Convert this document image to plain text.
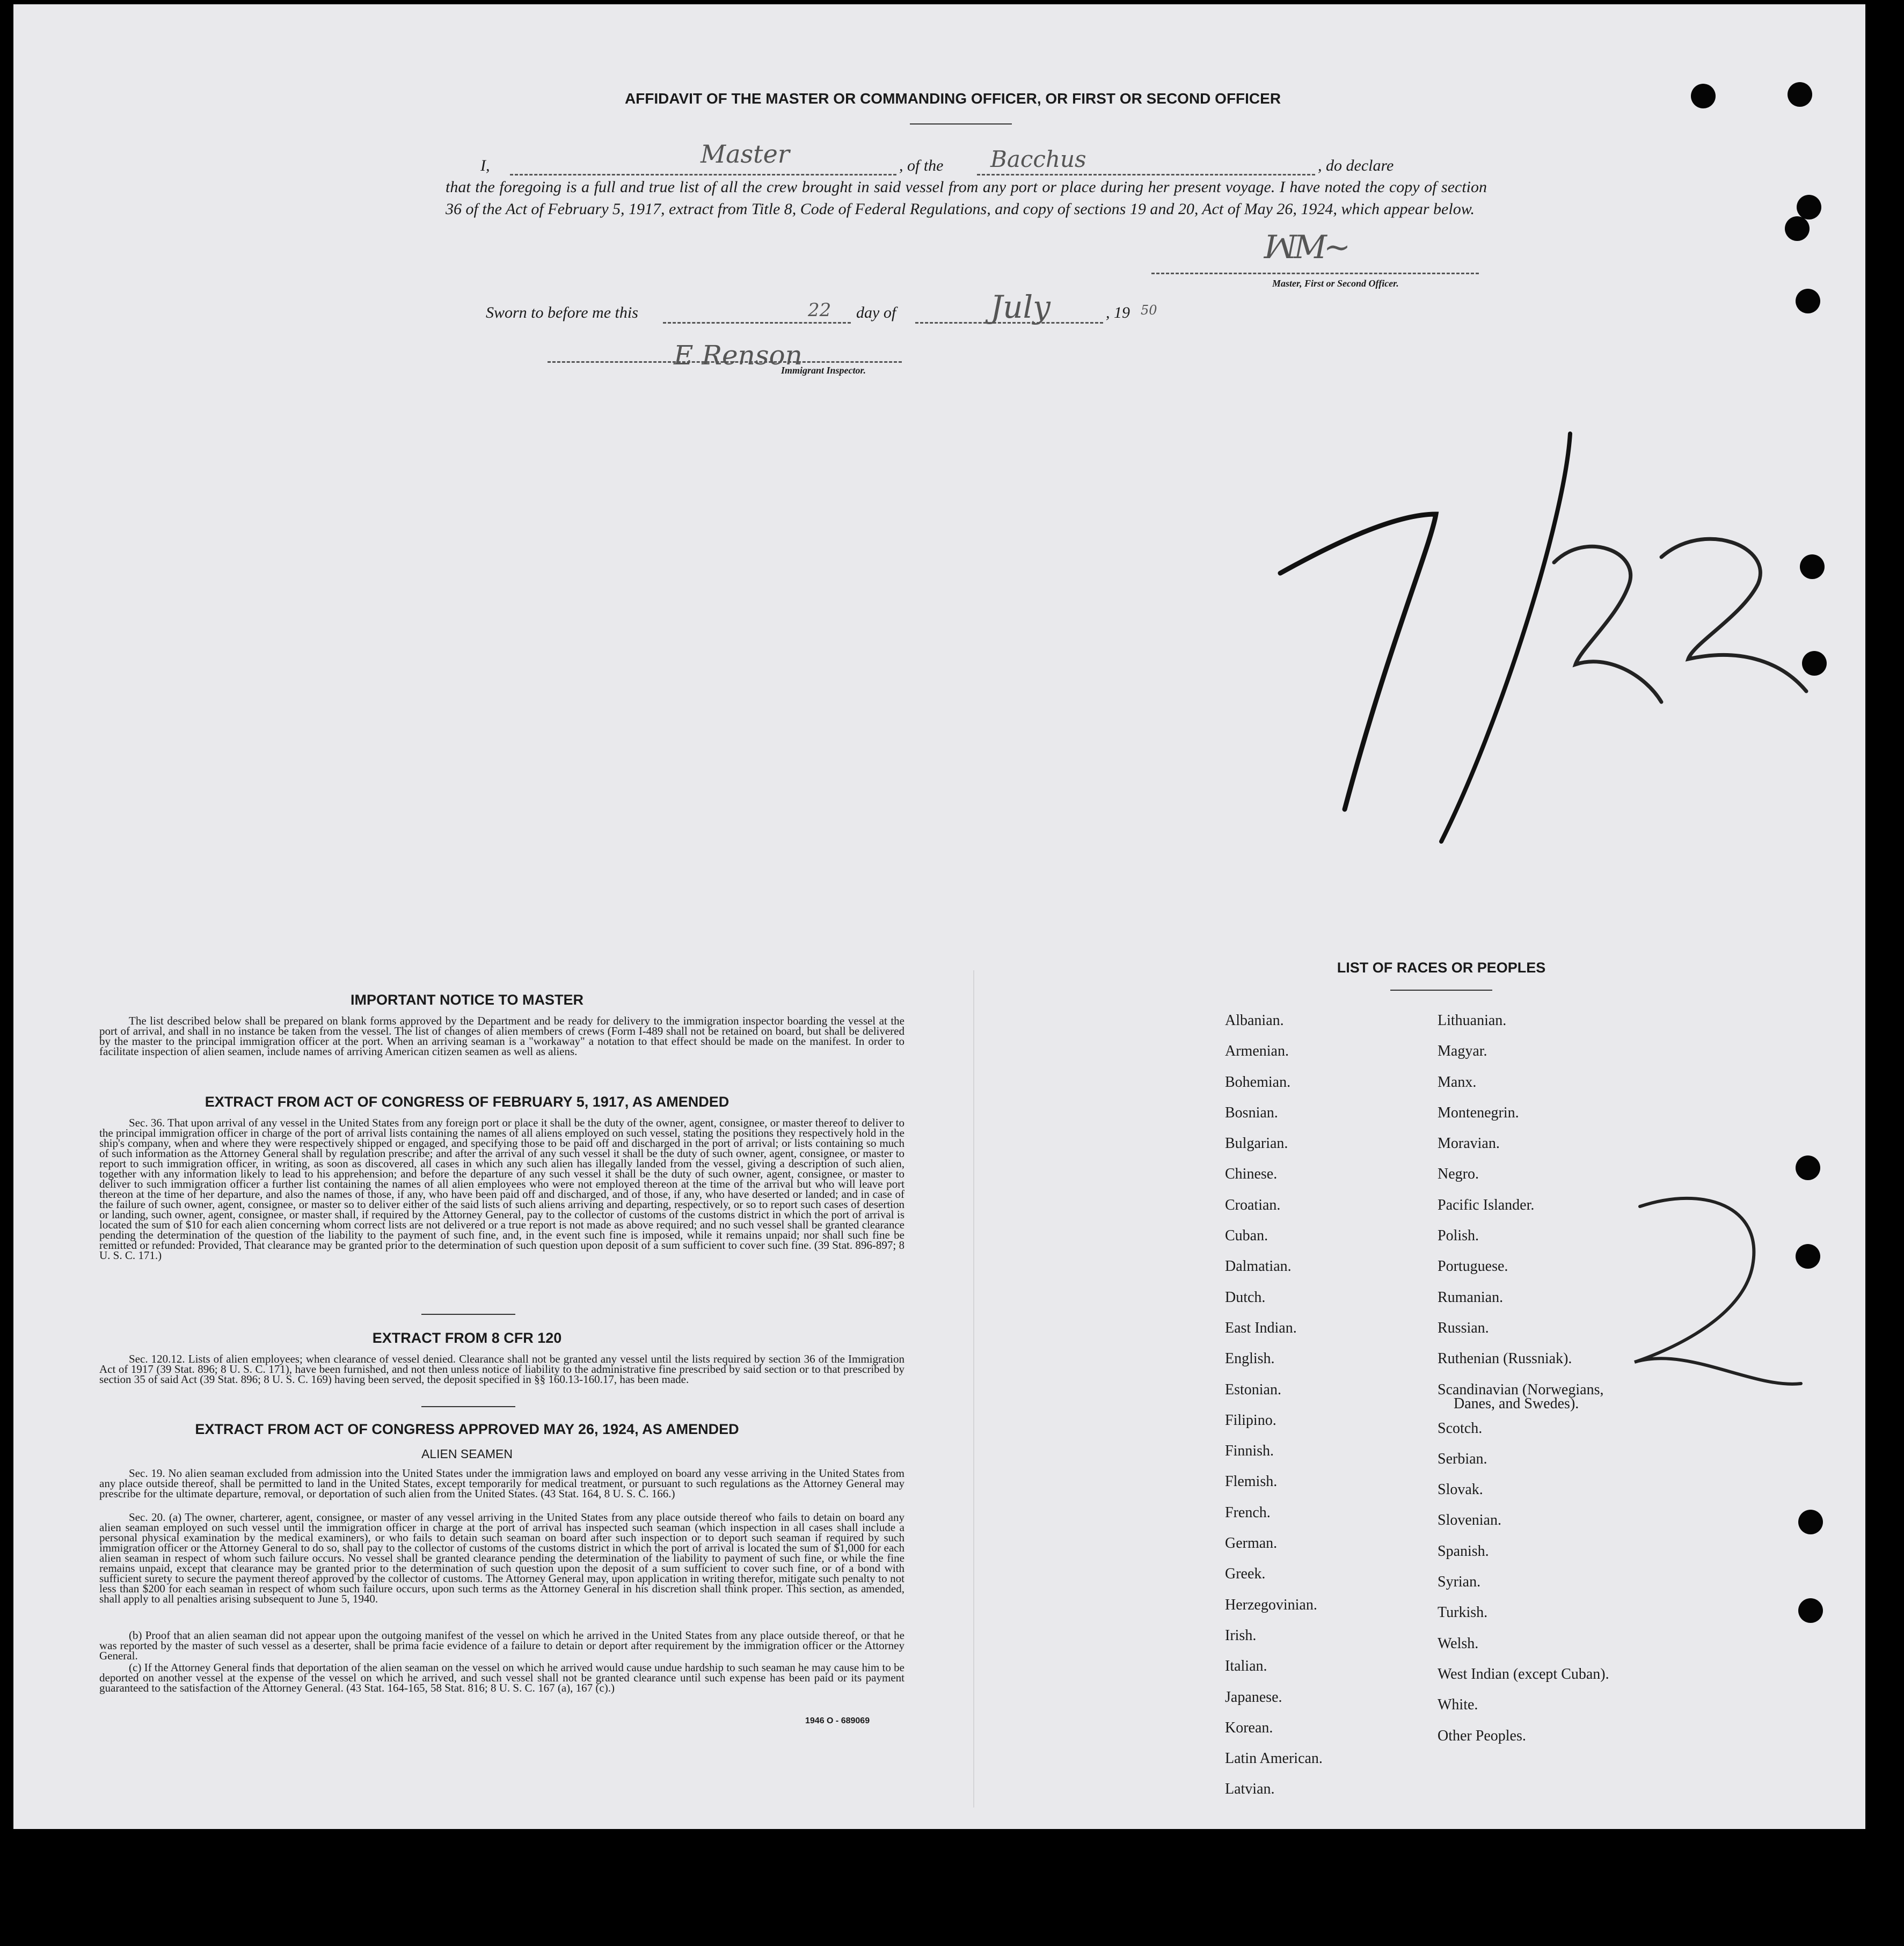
AFFIDAVIT OF THE MASTER OR COMMANDING OFFICER, OR FIRST OR SECOND OFFICER
I,	Master	, of the Bacchus	, do declare
that the foregoing is a full and true list of all the crew brought in said vessel from any port or place during her present voyage. I have noted the copy of section 36 of the Act of February 5, 1917, extract from Title 8, Code of Federal Regulations, and copy of sections 19 and 20, Act of May 26, 1924, which appear below.
ꟽM~
Master, First or Second Officer.
Sworn to before me this	22 day of	July	, 19 50
E Renson
Immigrant Inspector.
IMPORTANT NOTICE TO MASTER
The list described below shall be prepared on blank forms approved by the Department and be ready for delivery to the immigration inspector boarding the vessel at the port of arrival, and shall in no instance be taken from the vessel. The list of changes of alien members of crews (Form I-489 shall not be retained on board, but shall be delivered by the master to the principal immigration officer at the port. When an arriving seaman is a "workaway" a notation to that effect should be made on the manifest. In order to facilitate inspection of alien seamen, include names of arriving American citizen seamen as well as aliens.
EXTRACT FROM ACT OF CONGRESS OF FEBRUARY 5, 1917, AS AMENDED
Sec. 36. That upon arrival of any vessel in the United States from any foreign port or place it shall be the duty of the owner, agent, consignee, or master thereof to deliver to the principal immigration officer in charge of the port of arrival lists containing the names of all aliens employed on such vessel, stating the positions they respectively hold in the ship's company, when and where they were respectively shipped or engaged, and specifying those to be paid off and discharged in the port of arrival; or lists containing so much of such information as the Attorney General shall by regulation prescribe; and after the arrival of any such vessel it shall be the duty of such owner, agent, consignee, or master to report to such immigration officer, in writing, as soon as discovered, all cases in which any such alien has illegally landed from the vessel, giving a description of such alien, together with any information likely to lead to his apprehension; and before the departure of any such vessel it shall be the duty of such owner, agent, consignee, or master to deliver to such immigration officer a further list containing the names of all alien employees who were not employed thereon at the time of the arrival but who will leave port thereon at the time of her departure, and also the names of those, if any, who have been paid off and discharged, and of those, if any, who have deserted or landed; and in case of the failure of such owner, agent, consignee, or master so to deliver either of the said lists of such aliens arriving and departing, respectively, or so to report such cases of desertion or landing, such owner, agent, consignee, or master shall, if required by the Attorney General, pay to the collector of customs of the customs district in which the port of arrival is located the sum of $10 for each alien concerning whom correct lists are not delivered or a true report is not made as above required; and no such vessel shall be granted clearance pending the determination of the question of the liability to the payment of such fine, and, in the event such fine is imposed, while it remains unpaid; nor shall such fine be remitted or refunded: Provided, That clearance may be granted prior to the determination of such question upon deposit of a sum sufficient to cover such fine. (39 Stat. 896-897; 8 U. S. C. 171.)
EXTRACT FROM 8 CFR 120
Sec. 120.12. Lists of alien employees; when clearance of vessel denied. Clearance shall not be granted any vessel until the lists required by section 36 of the Immigration Act of 1917 (39 Stat. 896; 8 U. S. C. 171), have been furnished, and not then unless notice of liability to the administrative fine prescribed by said section or to that prescribed by section 35 of said Act (39 Stat. 896; 8 U. S. C. 169) having been served, the deposit specified in §§ 160.13-160.17, has been made.
EXTRACT FROM ACT OF CONGRESS APPROVED MAY 26, 1924, AS AMENDED
ALIEN SEAMEN
Sec. 19. No alien seaman excluded from admission into the United States under the immigration laws and employed on board any vesse arriving in the United States from any place outside thereof, shall be permitted to land in the United States, except temporarily for medical treatment, or pursuant to such regulations as the Attorney General may prescribe for the ultimate departure, removal, or deportation of such alien from the United States. (43 Stat. 164, 8 U. S. C. 166.)
Sec. 20. (a) The owner, charterer, agent, consignee, or master of any vessel arriving in the United States from any place outside thereof who fails to detain on board any alien seaman employed on such vessel until the immigration officer in charge at the port of arrival has inspected such seaman (which inspection in all cases shall include a personal physical examination by the medical examiners), or who fails to detain such seaman on board after such inspection or to deport such seaman if required by such immigration officer or the Attorney General to do so, shall pay to the collector of customs of the customs district in which the port of arrival is located the sum of $1,000 for each alien seaman in respect of whom such failure occurs. No vessel shall be granted clearance pending the determination of the liability to payment of such fine, or while the fine remains unpaid, except that clearance may be granted prior to the determination of such question upon the deposit of a sum sufficient to cover such fine, or of a bond with sufficient surety to secure the payment thereof approved by the collector of customs. The Attorney General may, upon application in writing therefor, mitigate such penalty to not less than $200 for each seaman in respect of whom such failure occurs, upon such terms as the Attorney General in his discretion shall think proper. This section, as amended, shall apply to all penalties arising subsequent to June 5, 1940.
(b) Proof that an alien seaman did not appear upon the outgoing manifest of the vessel on which he arrived in the United States from any place outside thereof, or that he was reported by the master of such vessel as a deserter, shall be prima facie evidence of a failure to detain or deport after requirement by the immigration officer or the Attorney General.
(c) If the Attorney General finds that deportation of the alien seaman on the vessel on which he arrived would cause undue hardship to such seaman he may cause him to be deported on another vessel at the expense of the vessel on which he arrived, and such vessel shall not be granted clearance until such expense has been paid or its payment guaranteed to the satisfaction of the Attorney General. (43 Stat. 164-165, 58 Stat. 816; 8 U. S. C. 167 (a), 167 (c).)
1946 O - 689069
LIST OF RACES OR PEOPLES
Albanian.
Armenian.
Bohemian.
Bosnian.
Bulgarian.
Chinese.
Croatian.
Cuban.
Dalmatian.
Dutch.
East Indian.
English.
Estonian.
Filipino.
Finnish.
Flemish.
French.
German.
Greek.
Herzegovinian.
Irish.
Italian.
Japanese.
Korean.
Latin American.
Latvian.
Lithuanian.
Magyar.
Manx.
Montenegrin.
Moravian.
Negro.
Pacific Islander.
Polish.
Portuguese.
Rumanian.
Russian.
Ruthenian (Russniak).
Scandinavian (Norwegians,
Danes, and Swedes).
Scotch.
Serbian.
Slovak.
Slovenian.
Spanish.
Syrian.
Turkish.
Welsh.
West Indian (except Cuban).
White.
Other Peoples.
